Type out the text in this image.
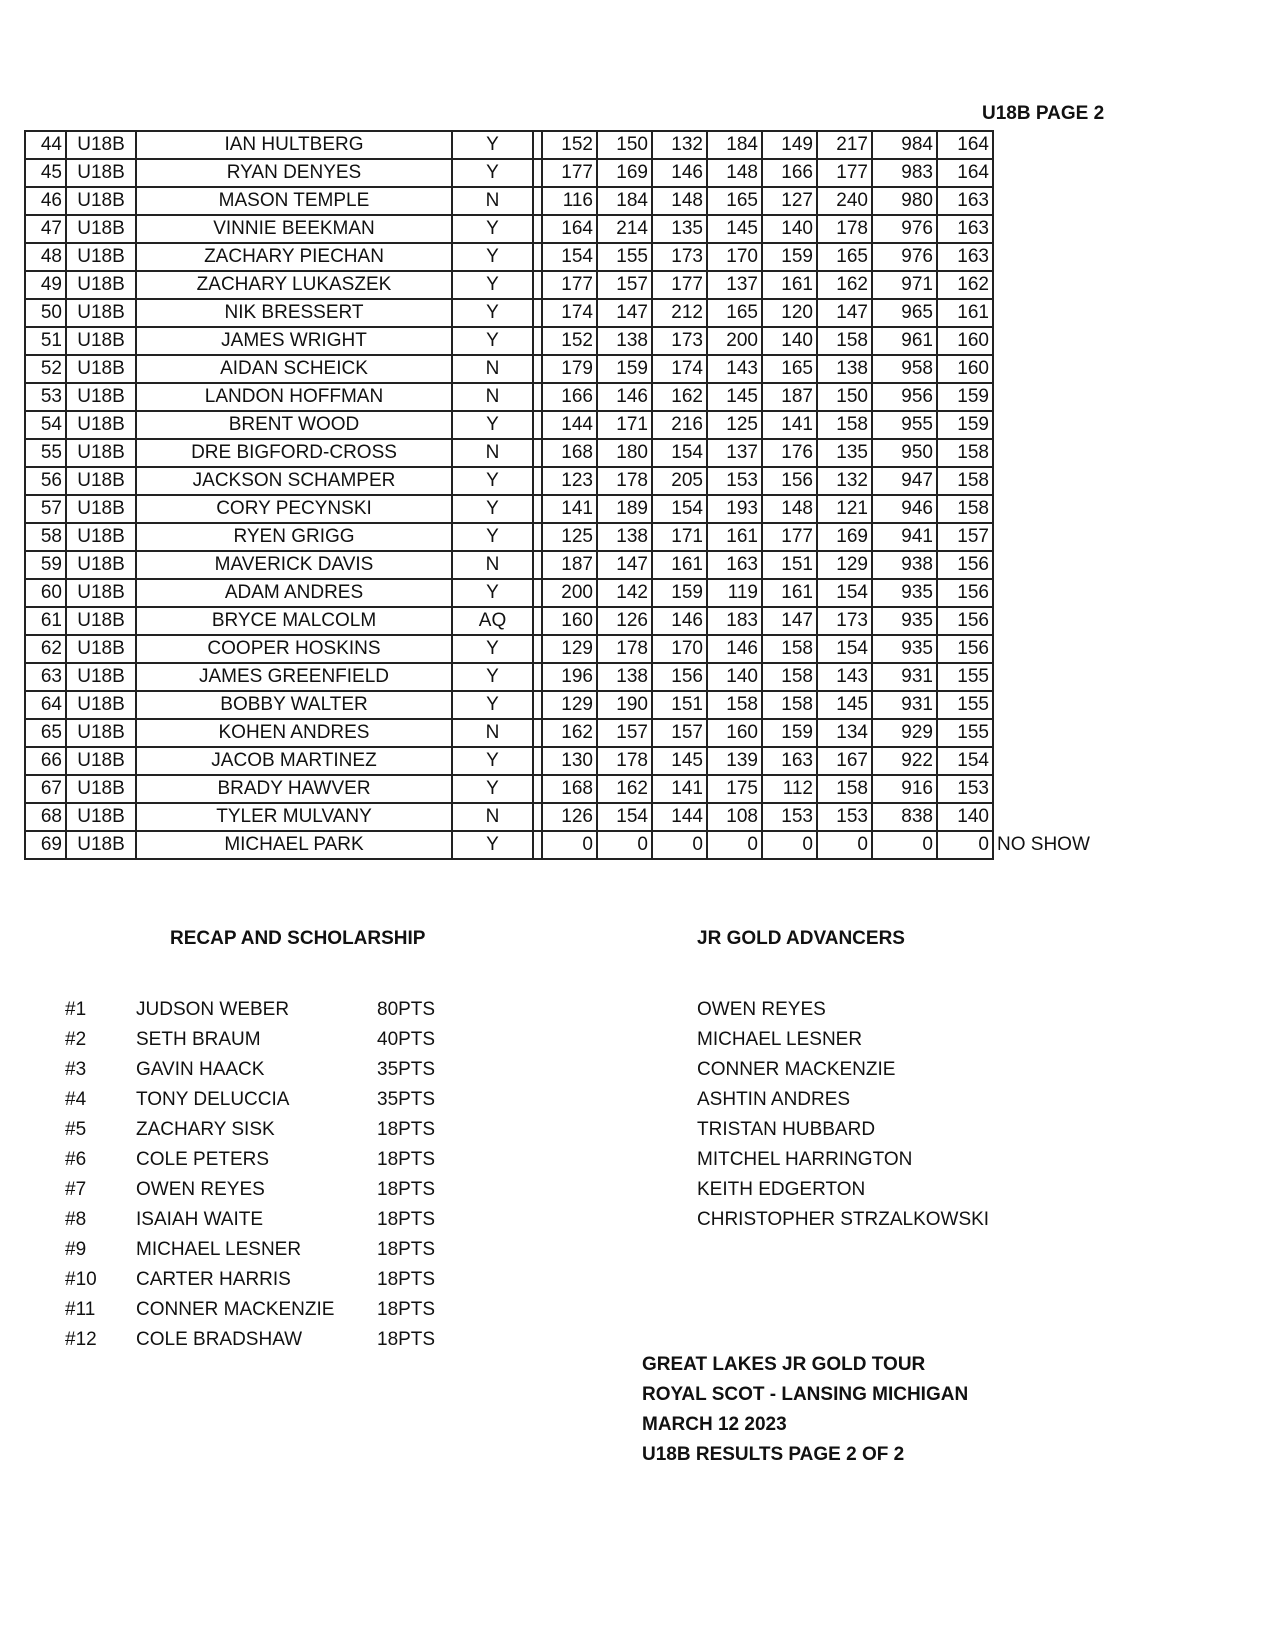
U18B PAGE 2
44	U18B	IAN HULTBERG	Y		152	150	132	184	149	217	984	164	
45	U18B	RYAN DENYES	Y		177	169	146	148	166	177	983	164	
46	U18B	MASON TEMPLE	N		116	184	148	165	127	240	980	163	
47	U18B	VINNIE BEEKMAN	Y		164	214	135	145	140	178	976	163	
48	U18B	ZACHARY PIECHAN	Y		154	155	173	170	159	165	976	163	
49	U18B	ZACHARY LUKASZEK	Y		177	157	177	137	161	162	971	162	
50	U18B	NIK BRESSERT	Y		174	147	212	165	120	147	965	161	
51	U18B	JAMES WRIGHT	Y		152	138	173	200	140	158	961	160	
52	U18B	AIDAN SCHEICK	N		179	159	174	143	165	138	958	160	
53	U18B	LANDON HOFFMAN	N		166	146	162	145	187	150	956	159	
54	U18B	BRENT WOOD	Y		144	171	216	125	141	158	955	159	
55	U18B	DRE BIGFORD-CROSS	N		168	180	154	137	176	135	950	158	
56	U18B	JACKSON SCHAMPER	Y		123	178	205	153	156	132	947	158	
57	U18B	CORY PECYNSKI	Y		141	189	154	193	148	121	946	158	
58	U18B	RYEN GRIGG	Y		125	138	171	161	177	169	941	157	
59	U18B	MAVERICK DAVIS	N		187	147	161	163	151	129	938	156	
60	U18B	ADAM ANDRES	Y		200	142	159	119	161	154	935	156	
61	U18B	BRYCE MALCOLM	AQ		160	126	146	183	147	173	935	156	
62	U18B	COOPER HOSKINS	Y		129	178	170	146	158	154	935	156	
63	U18B	JAMES GREENFIELD	Y		196	138	156	140	158	143	931	155	
64	U18B	BOBBY WALTER	Y		129	190	151	158	158	145	931	155	
65	U18B	KOHEN ANDRES	N		162	157	157	160	159	134	929	155	
66	U18B	JACOB MARTINEZ	Y		130	178	145	139	163	167	922	154	
67	U18B	BRADY HAWVER	Y		168	162	141	175	112	158	916	153	
68	U18B	TYLER MULVANY	N		126	154	144	108	153	153	838	140	
69	U18B	MICHAEL PARK	Y		0	0	0	0	0	0	0	0	NO SHOW
RECAP AND SCHOLARSHIP
#1	JUDSON WEBER	80PTS
#2	SETH BRAUM	40PTS
#3	GAVIN HAACK	35PTS
#4	TONY DELUCCIA	35PTS
#5	ZACHARY SISK	18PTS
#6	COLE PETERS	18PTS
#7	OWEN REYES	18PTS
#8	ISAIAH WAITE	18PTS
#9	MICHAEL LESNER	18PTS
#10 CARTER HARRIS	18PTS
#11 CONNER MACKENZIE 18PTS
#12 COLE BRADSHAW	18PTS
JR GOLD ADVANCERS
OWEN REYES
MICHAEL LESNER
CONNER MACKENZIE
ASHTIN ANDRES
TRISTAN HUBBARD
MITCHEL HARRINGTON
KEITH EDGERTON
CHRISTOPHER STRZALKOWSKI
GREAT LAKES JR GOLD TOUR
ROYAL SCOT - LANSING MICHIGAN
MARCH 12 2023
U18B RESULTS PAGE 2 OF 2
